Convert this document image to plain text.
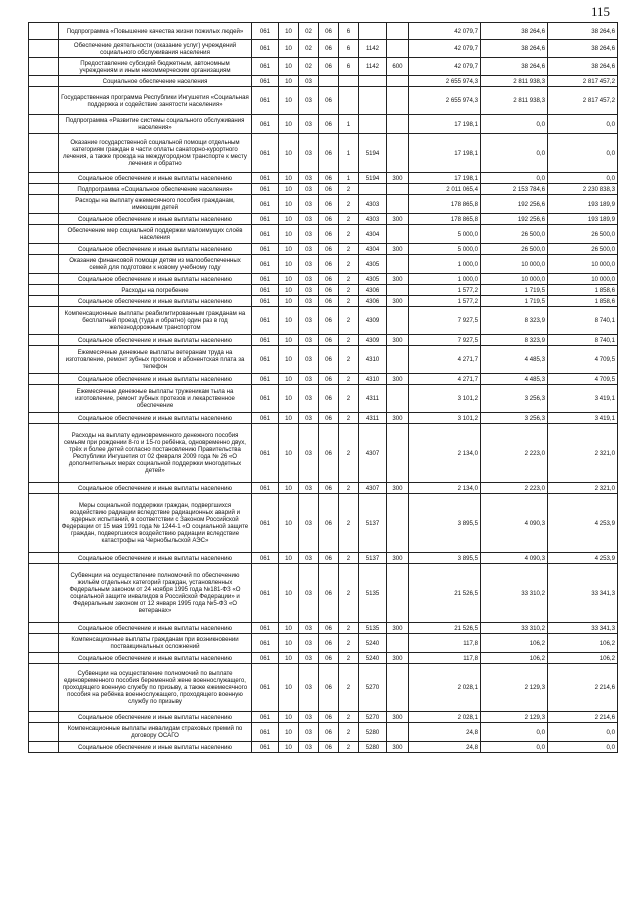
115
	Подпрограмма «Повышение качества жизни пожилых людей»	061	10	02	06	6			42 079,7	38 264,6	38 264,6
	Обеспечение деятельности (оказание услуг) учреждений социального обслуживания населения	061	10	02	06	6	1142		42 079,7	38 264,6	38 264,6
	Предоставление субсидий бюджетным, автономным учреждениям и иным некоммерческим организациям	061	10	02	06	6	1142	600	42 079,7	38 264,6	38 264,6
	Социальное обеспечение населения	061	10	03					2 655 974,3	2 811 938,3	2 817 457,2
	Государственная программа Республики Ингушетия «Социальная поддержка и содействие занятости населения»	061	10	03	06				2 655 974,3	2 811 938,3	2 817 457,2
	Подпрограмма «Развитие системы социального обслуживания населения»	061	10	03	06	1			17 198,1	0,0	0,0
	Оказание государственной социальной помощи отдельным категориям граждан в части оплаты санаторно-курортного лечения, а также проезда на междугородном транспорте к месту лечения и обратно	061	10	03	06	1	5194		17 198,1	0,0	0,0
	Социальное обеспечение и иные выплаты населению	061	10	03	06	1	5194	300	17 198,1	0,0	0,0
	Подпрограмма «Социальное обеспечение населения»	061	10	03	06	2			2 011 065,4	2 153 784,6	2 230 838,3
	Расходы на выплату ежемесячного пособия гражданам, имеющим детей	061	10	03	06	2	4303		178 865,8	192 256,6	193 189,9
	Социальное обеспечение и иные выплаты населению	061	10	03	06	2	4303	300	178 865,8	192 256,6	193 189,9
	Обеспечение мер социальной поддержки малоимущих слоёв населения	061	10	03	06	2	4304		5 000,0	26 500,0	26 500,0
	Социальное обеспечение и иные выплаты населению	061	10	03	06	2	4304	300	5 000,0	26 500,0	26 500,0
	Оказание финансовой помощи детям из малообеспеченных семей для подготовки к новому учебному году	061	10	03	06	2	4305		1 000,0	10 000,0	10 000,0
	Социальное обеспечение и иные выплаты населению	061	10	03	06	2	4305	300	1 000,0	10 000,0	10 000,0
	Расходы на погребение	061	10	03	06	2	4306		1 577,2	1 719,5	1 858,6
	Социальное обеспечение и иные выплаты населению	061	10	03	06	2	4306	300	1 577,2	1 719,5	1 858,6
	Компенсационные выплаты реабилитированным гражданам на бесплатный проезд (туда и обратно) один раз в год железнодорожным транспортом	061	10	03	06	2	4309		7 927,5	8 323,9	8 740,1
	Социальное обеспечение и иные выплаты населению	061	10	03	06	2	4309	300	7 927,5	8 323,9	8 740,1
	Ежемесячные денежные выплаты ветеранам труда на изготовление, ремонт зубных протезов и абонентская плата за телефон	061	10	03	06	2	4310		4 271,7	4 485,3	4 709,5
	Социальное обеспечение и иные выплаты населению	061	10	03	06	2	4310	300	4 271,7	4 485,3	4 709,5
	Ежемесячные денежные выплаты труженикам тыла на изготовление, ремонт зубных протезов и лекарственное обеспечение	061	10	03	06	2	4311		3 101,2	3 256,3	3 419,1
	Социальное обеспечение и иные выплаты населению	061	10	03	06	2	4311	300	3 101,2	3 256,3	3 419,1
	Расходы на выплату единовременного денежного пособия семьям при рождении 8-го и 15-го ребёнка, одновременно двух, трёх и более детей согласно постановлению Правительства Республики Ингушетия от 02 февраля 2009 года № 26 «О дополнительных мерах социальной поддержки многодетных детей»	061	10	03	06	2	4307		2 134,0	2 223,0	2 321,0
	Социальное обеспечение и иные выплаты населению	061	10	03	06	2	4307	300	2 134,0	2 223,0	2 321,0
	Меры социальной поддержки граждан, подвергшихся воздействию радиации вследствие радиационных аварий и ядерных испытаний, в соответствии с Законом Российской Федерации от 15 мая 1991 года № 1244-1 «О социальной защите граждан, подвергшихся воздействию радиации вследствие катастрофы на Чернобыльской АЭС»	061	10	03	06	2	5137		3 895,5	4 090,3	4 253,9
	Социальное обеспечение и иные выплаты населению	061	10	03	06	2	5137	300	3 895,5	4 090,3	4 253,9
	Субвенции на осуществление полномочий по обеспечению жильём отдельных категорий граждан, установленных Федеральным законом от 24 ноября 1995 года №181-ФЗ «О социальной защите инвалидов в Российской Федерации» и Федеральным законом от 12 января 1995 года №5-ФЗ «О ветеранах»	061	10	03	06	2	5135		21 526,5	33 310,2	33 341,3
	Социальное обеспечение и иные выплаты населению	061	10	03	06	2	5135	300	21 526,5	33 310,2	33 341,3
	Компенсационные выплаты гражданам при возникновении поствакцинальных осложнений	061	10	03	06	2	5240		117,8	106,2	106,2
	Социальное обеспечение и иные выплаты населению	061	10	03	06	2	5240	300	117,8	106,2	106,2
	Субвенции на осуществление полномочий по выплате единовременного пособия беременной жене военнослужащего, проходящего военную службу по призыву, а также ежемесячного пособия на ребёнка военнослужащего, проходящего военную службу по призыву	061	10	03	06	2	5270		2 028,1	2 129,3	2 214,6
	Социальное обеспечение и иные выплаты населению	061	10	03	06	2	5270	300	2 028,1	2 129,3	2 214,6
	Компенсационные выплаты инвалидам страховых премий по договору ОСАГО	061	10	03	06	2	5280		24,8	0,0	0,0
	Социальное обеспечение и иные выплаты населению	061	10	03	06	2	5280	300	24,8	0,0	0,0
